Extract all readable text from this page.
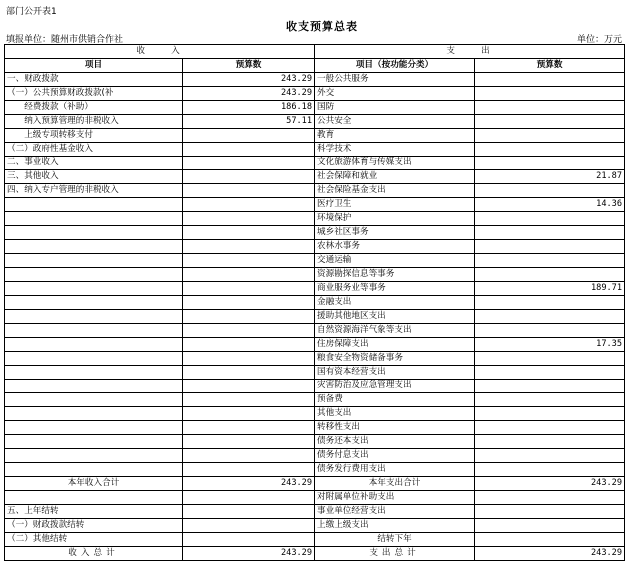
部门公开表1
收支预算总表
填报单位：随州市供销合作社	单位：万元
收　　入		支　　出	
项目	预算数	项目（按功能分类）	预算数
一、财政拨款	243.29	一般公共服务	
（一）公共预算财政拨款(补	243.29	外交	
　　经费拨款（补助）	186.18	国防	
　　纳入预算管理的非税收入	57.11	公共安全	
　　上级专项转移支付		教育	
（二）政府性基金收入		科学技术	
二、事业收入		文化旅游体育与传媒支出	
三、其他收入		社会保障和就业	21.87
四、纳入专户管理的非税收入		社会保险基金支出	
		医疗卫生	14.36
		环境保护	
		城乡社区事务	
		农林水事务	
		交通运输	
		资源勘探信息等事务	
		商业服务业等事务	189.71
		金融支出	
		援助其他地区支出	
		自然资源海洋气象等支出	
		住房保障支出	17.35
		粮食安全物资储备事务	
		国有资本经营支出	
		灾害防治及应急管理支出	
		预备费	
		其他支出	
		转移性支出	
		债务还本支出	
		债务付息支出	
		债务发行费用支出	
本年收入合计	243.29	本年支出合计	243.29
		对附属单位补助支出	
五、上年结转		事业单位经营支出	
（一）财政拨款结转		上缴上级支出	
（二）其他结转		结转下年	
收入总计	243.29	支出总计	243.29
